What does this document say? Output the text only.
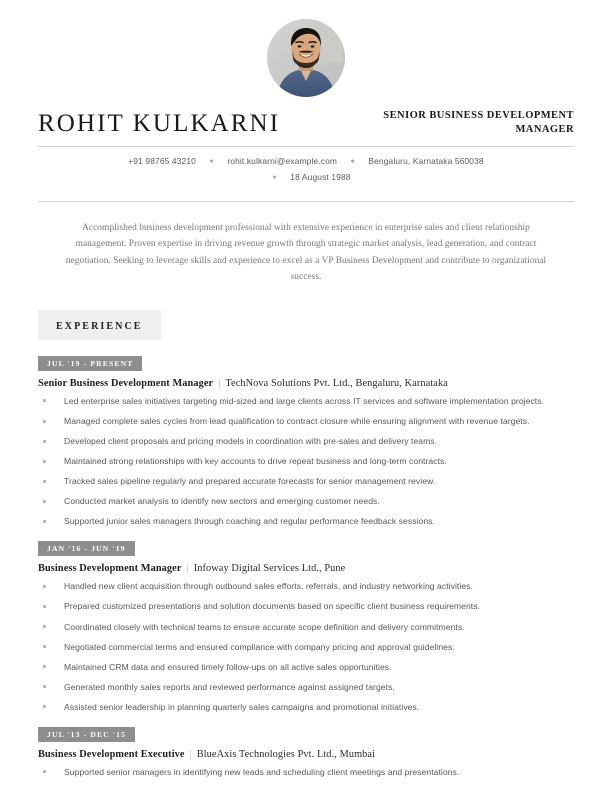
ROHIT KULKARNI	SENIOR BUSINESS DEVELOPMENT MANAGER
+91 98765 43210 ● rohit.kulkarni@example.com ● Bengaluru, Karnataka 560038
● 18 August 1988
Accomplished business development professional with extensive experience in enterprise sales and client relationship management. Proven expertise in driving revenue growth through strategic market analysis, lead generation, and contract negotiation. Seeking to leverage skills and experience to excel as a VP Business Development and contribute to organizational success.
EXPERIENCE
JUL '19 - PRESENT
Senior Business Development Manager | TechNova Solutions Pvt. Ltd., Bengaluru, Karnataka
Led enterprise sales initiatives targeting mid-sized and large clients across IT services and software implementation projects.
Managed complete sales cycles from lead qualification to contract closure while ensuring alignment with revenue targets.
Developed client proposals and pricing models in coordination with pre-sales and delivery teams.
Maintained strong relationships with key accounts to drive repeat business and long-term contracts.
Tracked sales pipeline regularly and prepared accurate forecasts for senior management review.
Conducted market analysis to identify new sectors and emerging customer needs.
Supported junior sales managers through coaching and regular performance feedback sessions.
JAN '16 - JUN '19
Business Development Manager | Infoway Digital Services Ltd., Pune
Handled new client acquisition through outbound sales efforts, referrals, and industry networking activities.
Prepared customized presentations and solution documents based on specific client business requirements.
Coordinated closely with technical teams to ensure accurate scope definition and delivery commitments.
Negotiated commercial terms and ensured compliance with company pricing and approval guidelines.
Maintained CRM data and ensured timely follow-ups on all active sales opportunities.
Generated monthly sales reports and reviewed performance against assigned targets.
Assisted senior leadership in planning quarterly sales campaigns and promotional initiatives.
JUL '13 - DEC '15
Business Development Executive | BlueAxis Technologies Pvt. Ltd., Mumbai
Supported senior managers in identifying new leads and scheduling client meetings and presentations.
